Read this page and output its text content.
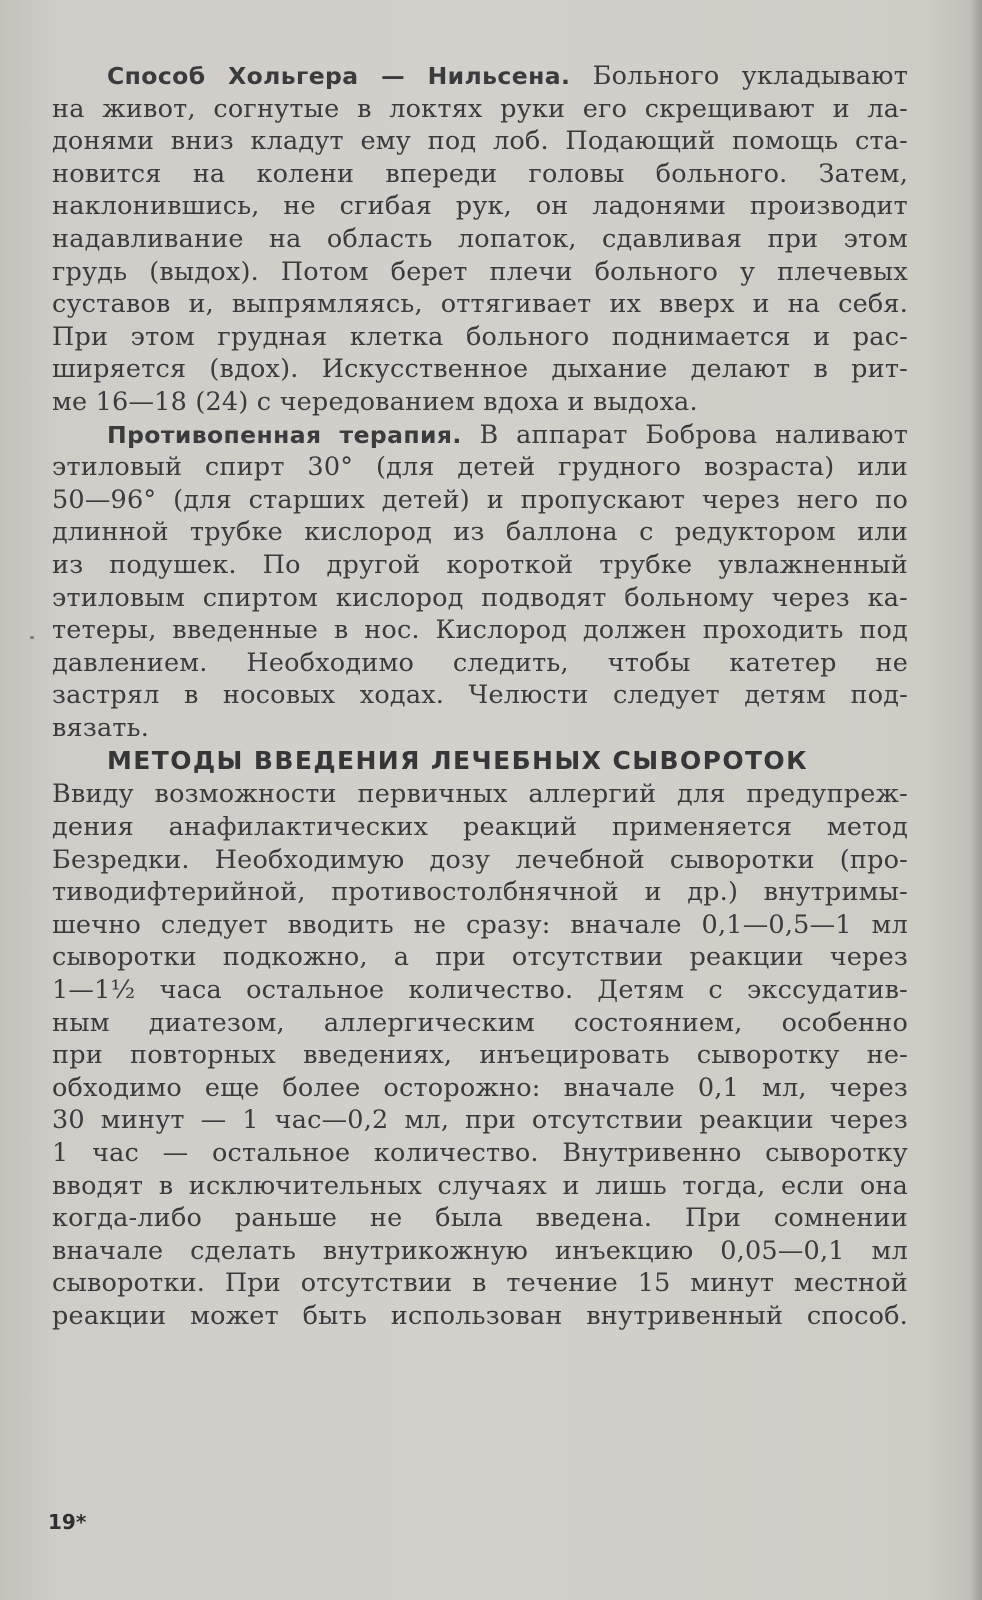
Способ Хольгера — Нильсена. Больного укладывают
на живот, согнутые в локтях руки его скрещивают и ла-
донями вниз кладут ему под лоб. Подающий помощь ста-
новится на колени впереди головы больного. Затем,
наклонившись, не сгибая рук, он ладонями производит
надавливание на область лопаток, сдавливая при этом
грудь (выдох). Потом берет плечи больного у плечевых
суставов и, выпрямляясь, оттягивает их вверх и на себя.
При этом грудная клетка больного поднимается и рас-
ширяется (вдох). Искусственное дыхание делают в рит-
ме 16—18 (24) с чередованием вдоха и выдоха.
Противопенная терапия. В аппарат Боброва наливают
этиловый спирт 30° (для детей грудного возраста) или
50—96° (для старших детей) и пропускают через него по
длинной трубке кислород из баллона с редуктором или
из подушек. По другой короткой трубке увлажненный
этиловым спиртом кислород подводят больному через ка-
тетеры, введенные в нос. Кислород должен проходить под
давлением. Необходимо следить, чтобы катетер не
застрял в носовых ходах. Челюсти следует детям под-
вязать.
МЕТОДЫ ВВЕДЕНИЯ ЛЕЧЕБНЫХ СЫВОРОТОК
Ввиду возможности первичных аллергий для предупреж-
дения анафилактических реакций применяется метод
Безредки. Необходимую дозу лечебной сыворотки (про-
тиводифтерийной, противостолбнячной и др.) внутримы-
шечно следует вводить не сразу: вначале 0,1—0,5—1 мл
сыворотки подкожно, а при отсутствии реакции через
1—1½ часа остальное количество. Детям с экссудатив-
ным диатезом, аллергическим состоянием, особенно
при повторных введениях, инъецировать сыворотку не-
обходимо еще более осторожно: вначале 0,1 мл, через
30 минут — 1 час—0,2 мл, при отсутствии реакции через
1 час — остальное количество. Внутривенно сыворотку
вводят в исключительных случаях и лишь тогда, если она
когда-либо раньше не была введена. При сомнении
вначале сделать внутрикожную инъекцию 0,05—0,1 мл
сыворотки. При отсутствии в течение 15 минут местной
реакции может быть использован внутривенный способ.
19*
